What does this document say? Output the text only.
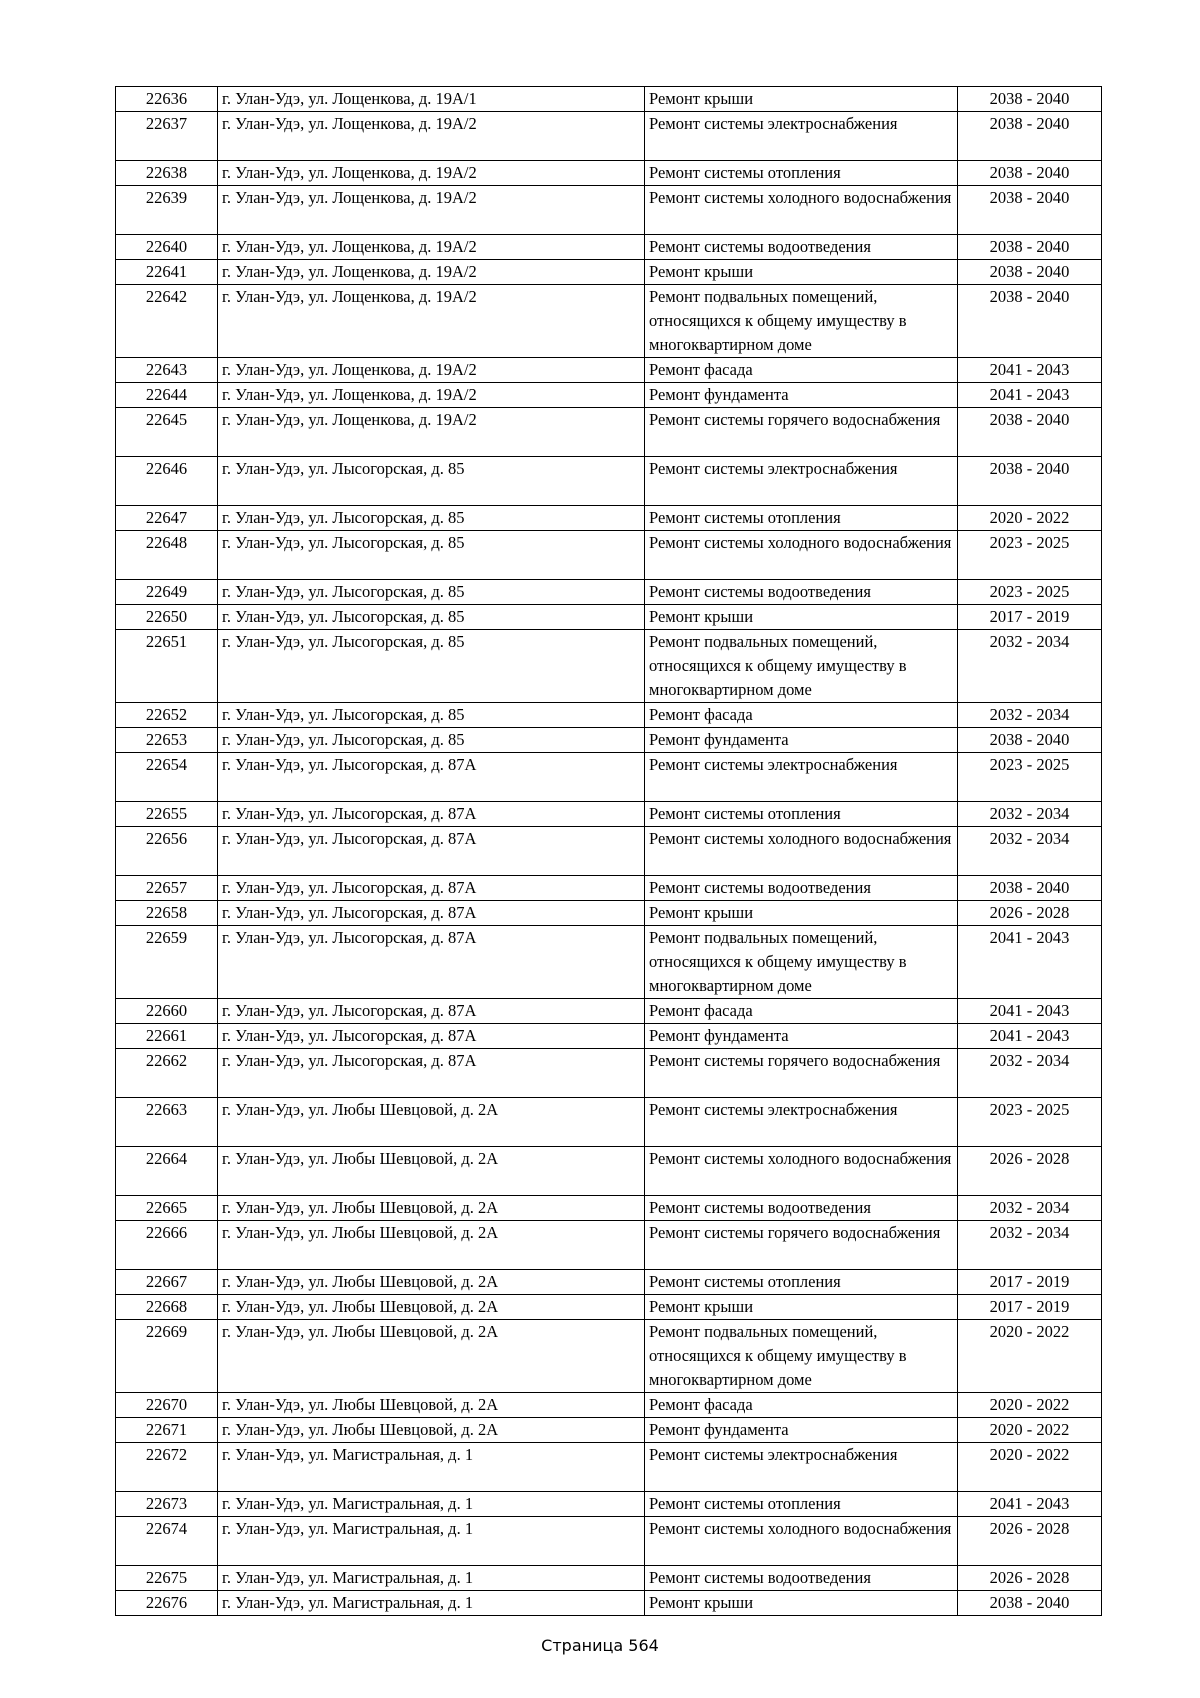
22636	г. Улан-Удэ, ул. Лощенкова, д. 19А/1	Ремонт крыши	2038 - 2040
22637	г. Улан-Удэ, ул. Лощенкова, д. 19А/2	Ремонт системы электроснабжения	2038 - 2040
22638	г. Улан-Удэ, ул. Лощенкова, д. 19А/2	Ремонт системы отопления	2038 - 2040
22639	г. Улан-Удэ, ул. Лощенкова, д. 19А/2	Ремонт системы холодного водоснабжения	2038 - 2040
22640	г. Улан-Удэ, ул. Лощенкова, д. 19А/2	Ремонт системы водоотведения	2038 - 2040
22641	г. Улан-Удэ, ул. Лощенкова, д. 19А/2	Ремонт крыши	2038 - 2040
22642	г. Улан-Удэ, ул. Лощенкова, д. 19А/2	Ремонт подвальных помещений, относящихся к общему имуществу в многоквартирном доме	2038 - 2040
22643	г. Улан-Удэ, ул. Лощенкова, д. 19А/2	Ремонт фасада	2041 - 2043
22644	г. Улан-Удэ, ул. Лощенкова, д. 19А/2	Ремонт фундамента	2041 - 2043
22645	г. Улан-Удэ, ул. Лощенкова, д. 19А/2	Ремонт системы горячего водоснабжения	2038 - 2040
22646	г. Улан-Удэ, ул. Лысогорская, д. 85	Ремонт системы электроснабжения	2038 - 2040
22647	г. Улан-Удэ, ул. Лысогорская, д. 85	Ремонт системы отопления	2020 - 2022
22648	г. Улан-Удэ, ул. Лысогорская, д. 85	Ремонт системы холодного водоснабжения	2023 - 2025
22649	г. Улан-Удэ, ул. Лысогорская, д. 85	Ремонт системы водоотведения	2023 - 2025
22650	г. Улан-Удэ, ул. Лысогорская, д. 85	Ремонт крыши	2017 - 2019
22651	г. Улан-Удэ, ул. Лысогорская, д. 85	Ремонт подвальных помещений, относящихся к общему имуществу в многоквартирном доме	2032 - 2034
22652	г. Улан-Удэ, ул. Лысогорская, д. 85	Ремонт фасада	2032 - 2034
22653	г. Улан-Удэ, ул. Лысогорская, д. 85	Ремонт фундамента	2038 - 2040
22654	г. Улан-Удэ, ул. Лысогорская, д. 87А	Ремонт системы электроснабжения	2023 - 2025
22655	г. Улан-Удэ, ул. Лысогорская, д. 87А	Ремонт системы отопления	2032 - 2034
22656	г. Улан-Удэ, ул. Лысогорская, д. 87А	Ремонт системы холодного водоснабжения	2032 - 2034
22657	г. Улан-Удэ, ул. Лысогорская, д. 87А	Ремонт системы водоотведения	2038 - 2040
22658	г. Улан-Удэ, ул. Лысогорская, д. 87А	Ремонт крыши	2026 - 2028
22659	г. Улан-Удэ, ул. Лысогорская, д. 87А	Ремонт подвальных помещений, относящихся к общему имуществу в многоквартирном доме	2041 - 2043
22660	г. Улан-Удэ, ул. Лысогорская, д. 87А	Ремонт фасада	2041 - 2043
22661	г. Улан-Удэ, ул. Лысогорская, д. 87А	Ремонт фундамента	2041 - 2043
22662	г. Улан-Удэ, ул. Лысогорская, д. 87А	Ремонт системы горячего водоснабжения	2032 - 2034
22663	г. Улан-Удэ, ул. Любы Шевцовой, д. 2А	Ремонт системы электроснабжения	2023 - 2025
22664	г. Улан-Удэ, ул. Любы Шевцовой, д. 2А	Ремонт системы холодного водоснабжения	2026 - 2028
22665	г. Улан-Удэ, ул. Любы Шевцовой, д. 2А	Ремонт системы водоотведения	2032 - 2034
22666	г. Улан-Удэ, ул. Любы Шевцовой, д. 2А	Ремонт системы горячего водоснабжения	2032 - 2034
22667	г. Улан-Удэ, ул. Любы Шевцовой, д. 2А	Ремонт системы отопления	2017 - 2019
22668	г. Улан-Удэ, ул. Любы Шевцовой, д. 2А	Ремонт крыши	2017 - 2019
22669	г. Улан-Удэ, ул. Любы Шевцовой, д. 2А	Ремонт подвальных помещений, относящихся к общему имуществу в многоквартирном доме	2020 - 2022
22670	г. Улан-Удэ, ул. Любы Шевцовой, д. 2А	Ремонт фасада	2020 - 2022
22671	г. Улан-Удэ, ул. Любы Шевцовой, д. 2А	Ремонт фундамента	2020 - 2022
22672	г. Улан-Удэ, ул. Магистральная, д. 1	Ремонт системы электроснабжения	2020 - 2022
22673	г. Улан-Удэ, ул. Магистральная, д. 1	Ремонт системы отопления	2041 - 2043
22674	г. Улан-Удэ, ул. Магистральная, д. 1	Ремонт системы холодного водоснабжения	2026 - 2028
22675	г. Улан-Удэ, ул. Магистральная, д. 1	Ремонт системы водоотведения	2026 - 2028
22676	г. Улан-Удэ, ул. Магистральная, д. 1	Ремонт крыши	2038 - 2040
Страница 564
